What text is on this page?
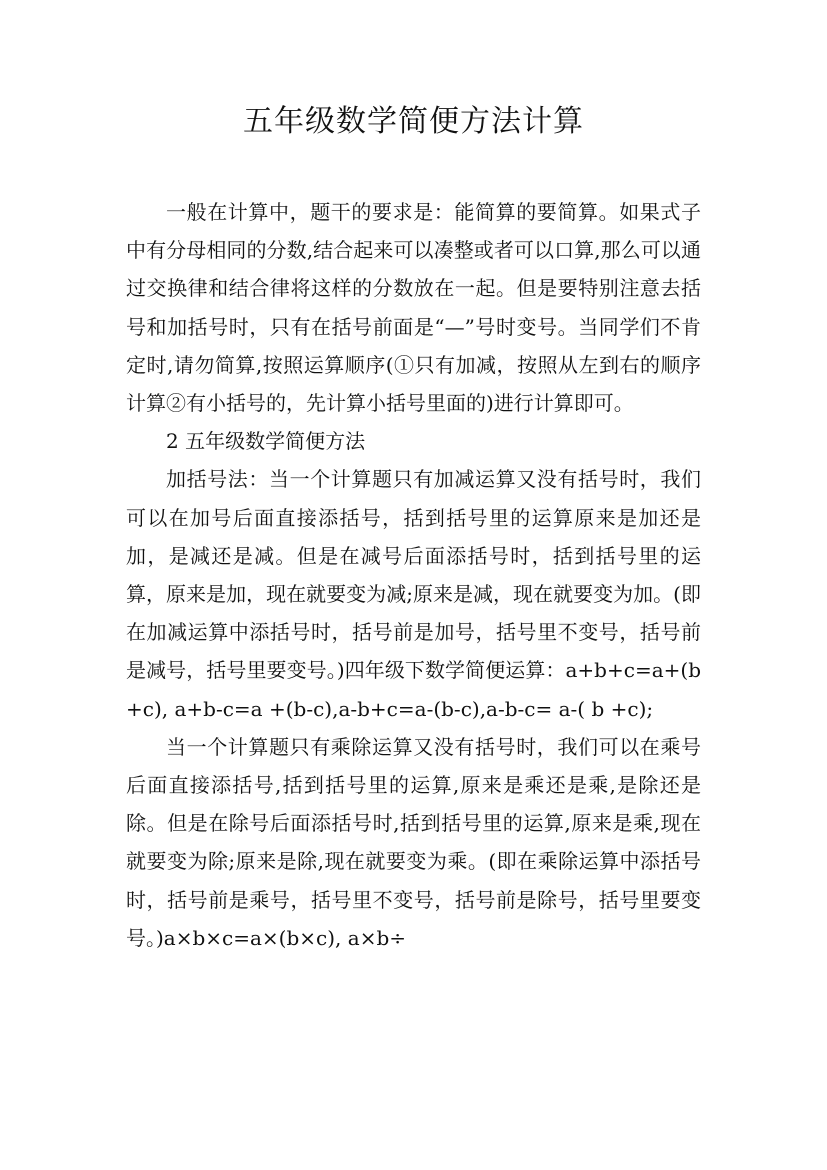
五年级数学简便方法计算

一般在计算中，题干的要求是：能简算的要简算。如果式子中有分母相同的分数,结合起来可以凑整或者可以口算,那么可以通过交换律和结合律将这样的分数放在一起。但是要特别注意去括号和加括号时，只有在括号前面是“—”号时变号。当同学们不肯定时,请勿简算,按照运算顺序(①只有加减，按照从左到右的顺序计算②有小括号的，先计算小括号里面的)进行计算即可。

2 五年级数学简便方法

加括号法：当一个计算题只有加减运算又没有括号时，我们可以在加号后面直接添括号，括到括号里的运算原来是加还是加，是减还是减。但是在减号后面添括号时，括到括号里的运算，原来是加，现在就要变为减;原来是减，现在就要变为加。(即在加减运算中添括号时，括号前是加号，括号里不变号，括号前是减号，括号里要变号。)四年级下数学简便运算：a+b+c=a+(b+c), a+b-c=a +(b-c),a-b+c=a-(b-c),a-b-c= a-( b +c);

当一个计算题只有乘除运算又没有括号时，我们可以在乘号后面直接添括号,括到括号里的运算,原来是乘还是乘,是除还是除。但是在除号后面添括号时,括到括号里的运算,原来是乘,现在就要变为除;原来是除,现在就要变为乘。(即在乘除运算中添括号时，括号前是乘号，括号里不变号，括号前是除号，括号里要变号。)a×b×c=a×(b×c), a×b÷
